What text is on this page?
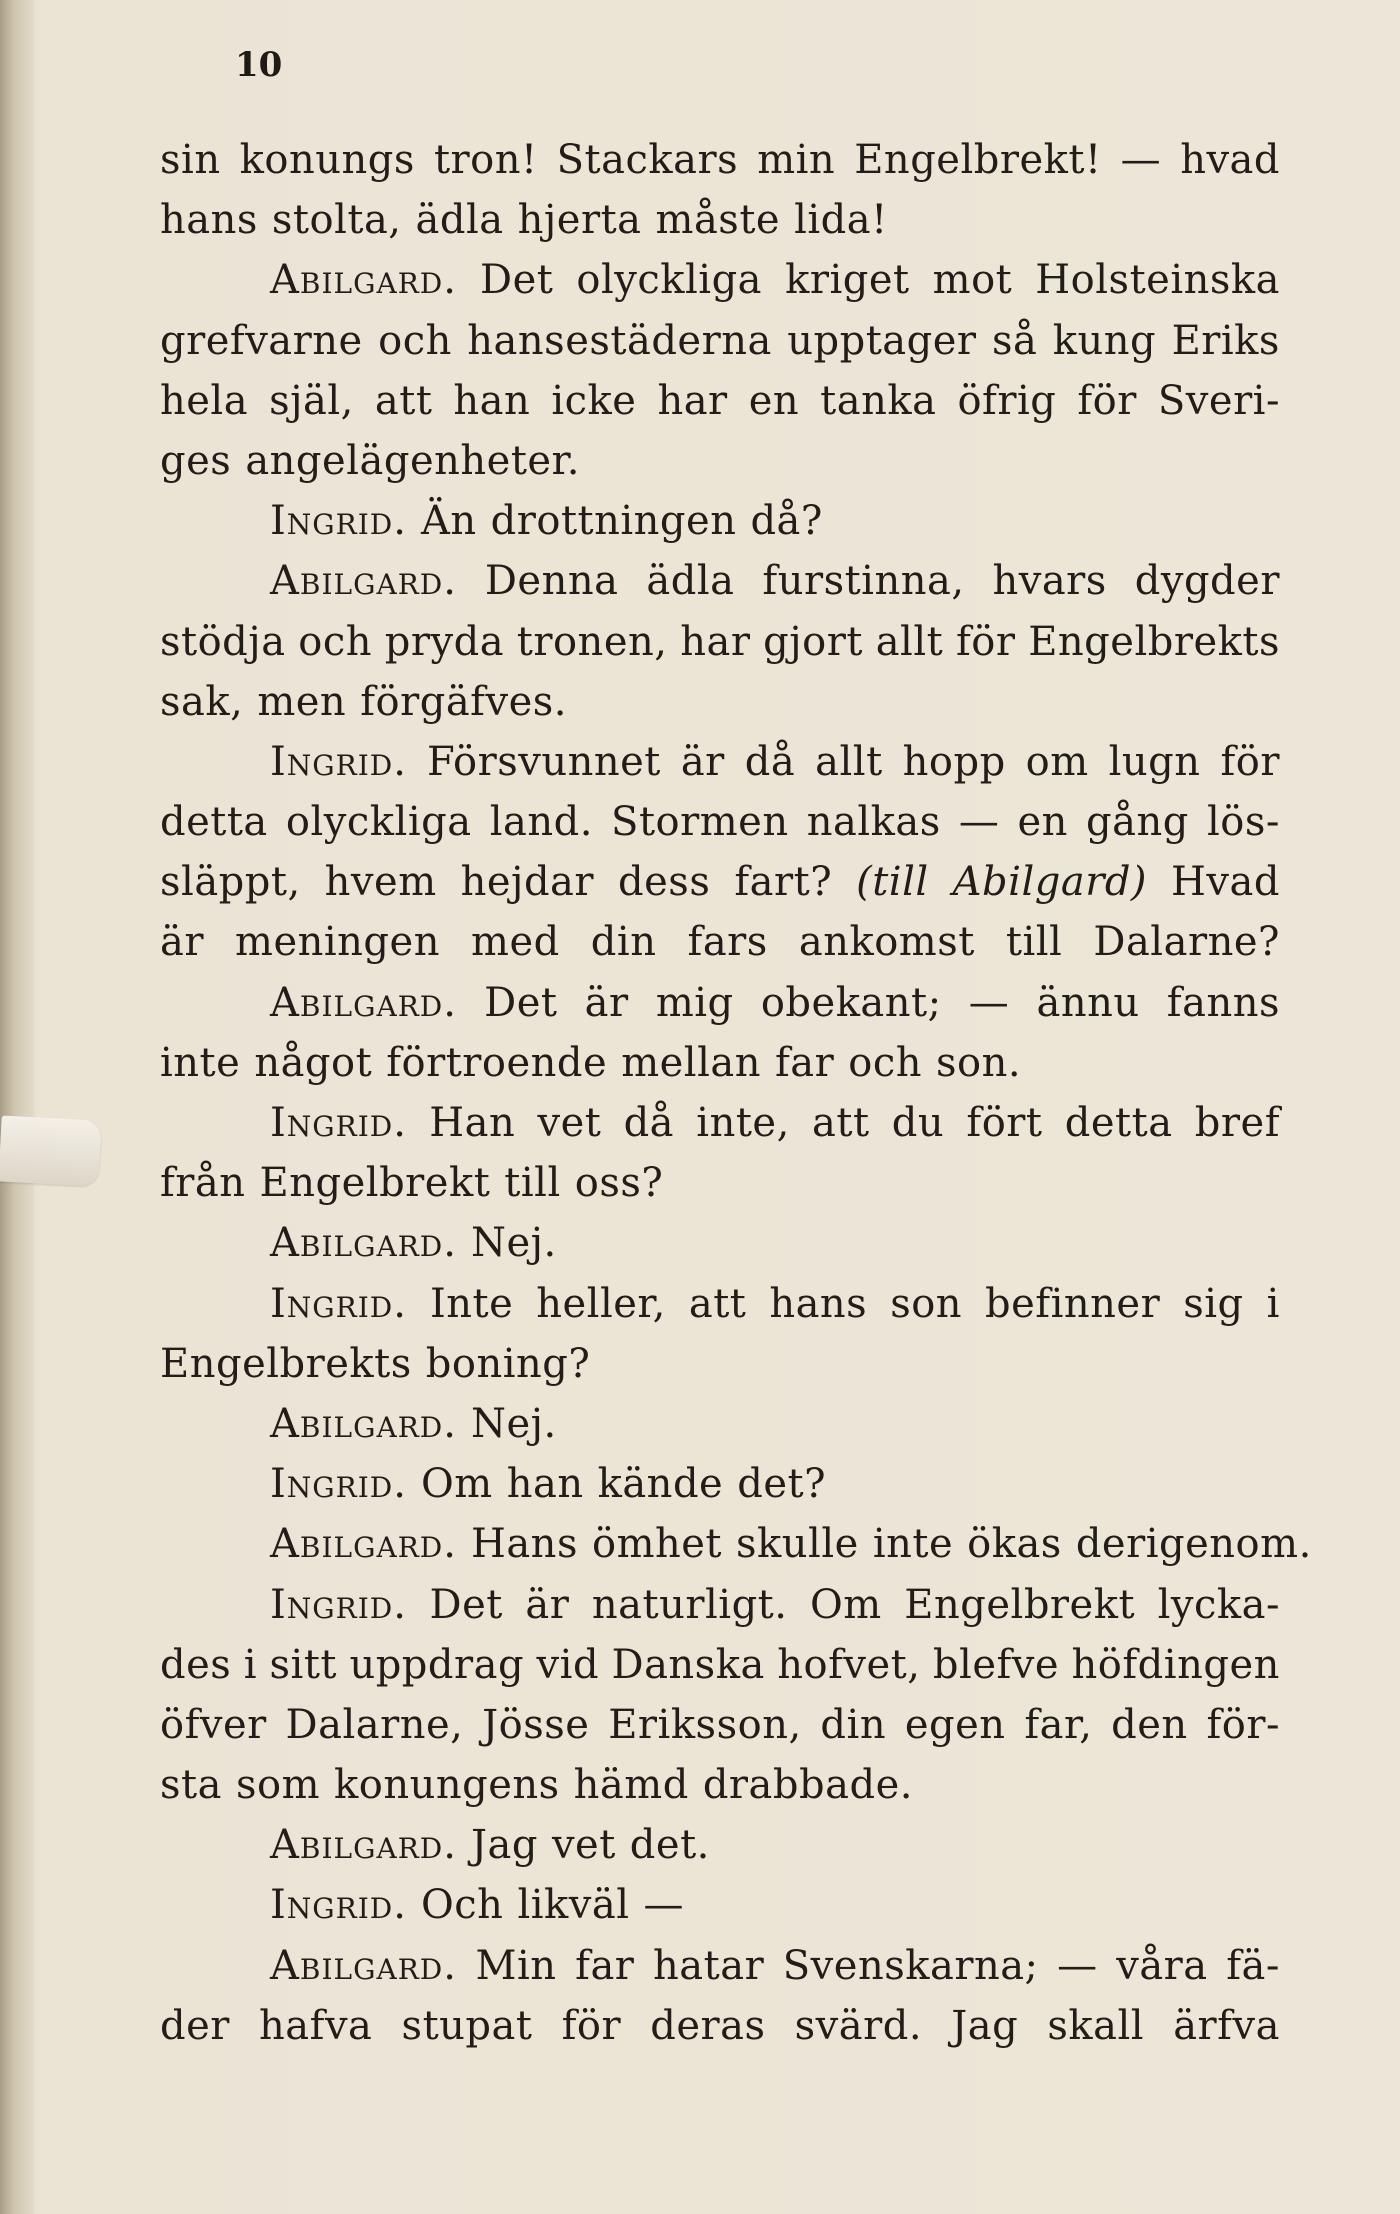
10
sin konungs tron! Stackars min Engelbrekt! — hvad
hans stolta, ädla hjerta måste lida!
Abilgard. Det olyckliga kriget mot Holsteinska
grefvarne och hansestäderna upptager så kung Eriks
hela själ, att han icke har en tanka öfrig för Sveri-
ges angelägenheter.
Ingrid. Än drottningen då?
Abilgard. Denna ädla furstinna, hvars dygder
stödja och pryda tronen, har gjort allt för Engelbrekts
sak, men förgäfves.
Ingrid. Försvunnet är då allt hopp om lugn för
detta olyckliga land. Stormen nalkas — en gång lös-
släppt, hvem hejdar dess fart? (till Abilgard) Hvad
är meningen med din fars ankomst till Dalarne?
Abilgard. Det är mig obekant; — ännu fanns
inte något förtroende mellan far och son.
Ingrid. Han vet då inte, att du fört detta bref
från Engelbrekt till oss?
Abilgard. Nej.
Ingrid. Inte heller, att hans son befinner sig i
Engelbrekts boning?
Abilgard. Nej.
Ingrid. Om han kände det?
Abilgard. Hans ömhet skulle inte ökas derigenom.
Ingrid. Det är naturligt. Om Engelbrekt lycka-
des i sitt uppdrag vid Danska hofvet, blefve höfdingen
öfver Dalarne, Jösse Eriksson, din egen far, den för-
sta som konungens hämd drabbade.
Abilgard. Jag vet det.
Ingrid. Och likväl —
Abilgard. Min far hatar Svenskarna; — våra fä-
der hafva stupat för deras svärd. Jag skall ärfva
